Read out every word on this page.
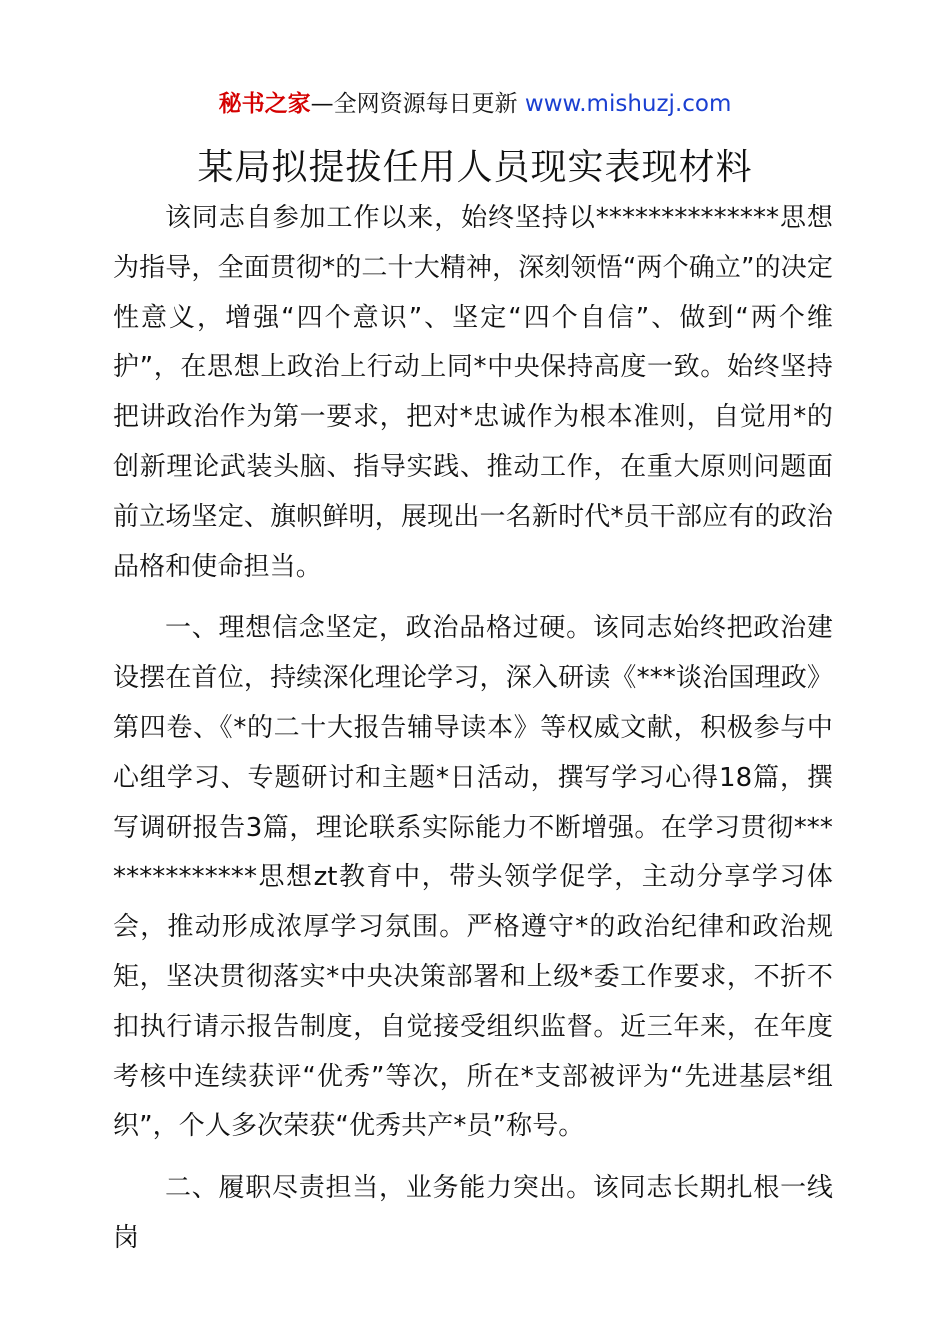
秘书之家—全网资源每日更新 www.mishuzj.com
某局拟提拔任用人员现实表现材料

该同志自参加工作以来，始终坚持以**************思想为指导，全面贯彻*的二十大精神，深刻领悟“两个确立”的决定性意义，增强“四个意识”、坚定“四个自信”、做到“两个维护”，在思想上政治上行动上同*中央保持高度一致。始终坚持把讲政治作为第一要求，把对*忠诚作为根本准则，自觉用*的创新理论武装头脑、指导实践、推动工作，在重大原则问题面前立场坚定、旗帜鲜明，展现出一名新时代*员干部应有的政治品格和使命担当。

一、理想信念坚定，政治品格过硬。该同志始终把政治建设摆在首位，持续深化理论学习，深入研读《***谈治国理政》第四卷、《*的二十大报告辅导读本》等权威文献，积极参与中心组学习、专题研讨和主题*日活动，撰写学习心得18篇，撰写调研报告3篇，理论联系实际能力不断增强。在学习贯彻**************思想zt教育中，带头领学促学，主动分享学习体会，推动形成浓厚学习氛围。严格遵守*的政治纪律和政治规矩，坚决贯彻落实*中央决策部署和上级*委工作要求，不折不扣执行请示报告制度，自觉接受组织监督。近三年来，在年度考核中连续获评“优秀”等次，所在*支部被评为“先进基层*组织”，个人多次荣获“优秀共产*员”称号。

二、履职尽责担当，业务能力突出。该同志长期扎根一线岗
